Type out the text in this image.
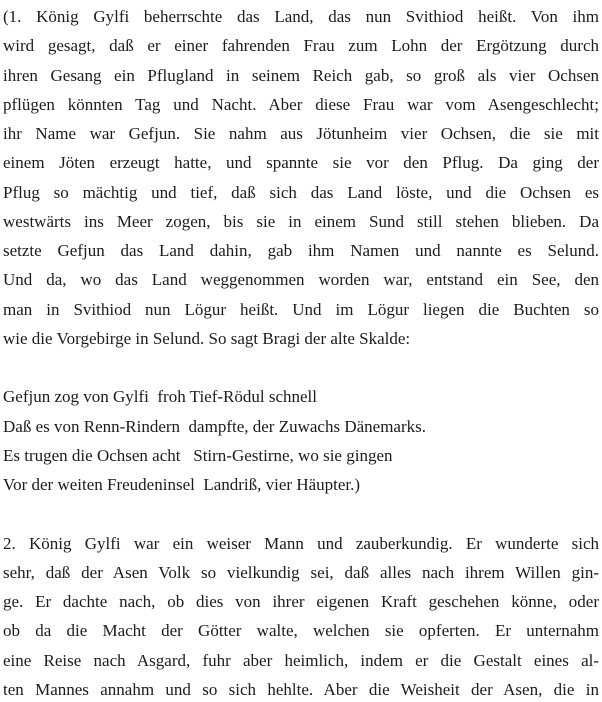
(1. König Gylfi beherrschte das Land, das nun Svithiod heißt. Von ihm
wird gesagt, daß er einer fahrenden Frau zum Lohn der Ergötzung durch
ihren Gesang ein Pflugland in seinem Reich gab, so groß als vier Ochsen
pflügen könnten Tag und Nacht. Aber diese Frau war vom Asengeschlecht;
ihr Name war Gefjun. Sie nahm aus Jötunheim vier Ochsen, die sie mit
einem Jöten erzeugt hatte, und spannte sie vor den Pflug. Da ging der
Pflug so mächtig und tief, daß sich das Land löste, und die Ochsen es
westwärts ins Meer zogen, bis sie in einem Sund still stehen blieben. Da
setzte Gefjun das Land dahin, gab ihm Namen und nannte es Selund.
Und da, wo das Land weggenommen worden war, entstand ein See, den
man in Svithiod nun Lögur heißt. Und im Lögur liegen die Buchten so
wie die Vorgebirge in Selund. So sagt Bragi der alte Skalde:
Gefjun zog von Gylfi  froh Tief-Rödul schnell
Daß es von Renn-Rindern  dampfte, der Zuwachs Dänemarks.
Es trugen die Ochsen acht   Stirn-Gestirne, wo sie gingen
Vor der weiten Freudeninsel  Landriß, vier Häupter.)
2. König Gylfi war ein weiser Mann und zauberkundig. Er wunderte sich
sehr, daß der Asen Volk so vielkundig sei, daß alles nach ihrem Willen gin-
ge. Er dachte nach, ob dies von ihrer eigenen Kraft geschehen könne, oder
ob da die Macht der Götter walte, welchen sie opferten. Er unternahm
eine Reise nach Asgard, fuhr aber heimlich, indem er die Gestalt eines al-
ten Mannes annahm und so sich hehlte. Aber die Weisheit der Asen, die in
